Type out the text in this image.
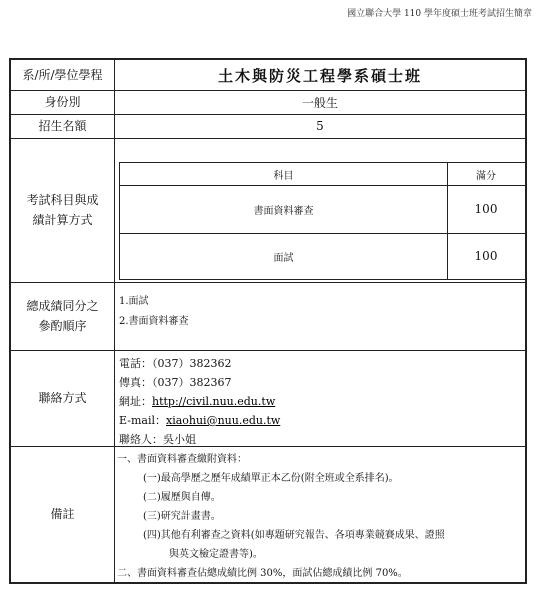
國立聯合大學 110 學年度碩士班考試招生簡章
系/所/學位學程	土木與防災工程學系碩士班
身份別	一般生
招生名額	5
考試科目與成績計算方式
科目	滿分
書面資料審查	100
面試	100
總成績同分之參酌順序
1.面試
2.書面資料審查
聯絡方式
電話：（037）382362
傳真：（037）382367
網址：http://civil.nuu.edu.tw
E-mail：xiaohui@nuu.edu.tw
聯絡人：吳小姐
備註
一、書面資料審查繳附資料：
(一)最高學歷之歷年成績單正本乙份(附全班或全系排名)。
(二)履歷與自傳。
(三)研究計畫書。
(四)其他有利審查之資料(如專題研究報告、各項專業競賽成果、證照
與英文檢定證書等)。
二、書面資料審查佔總成績比例 30%，面試佔總成績比例 70%。
